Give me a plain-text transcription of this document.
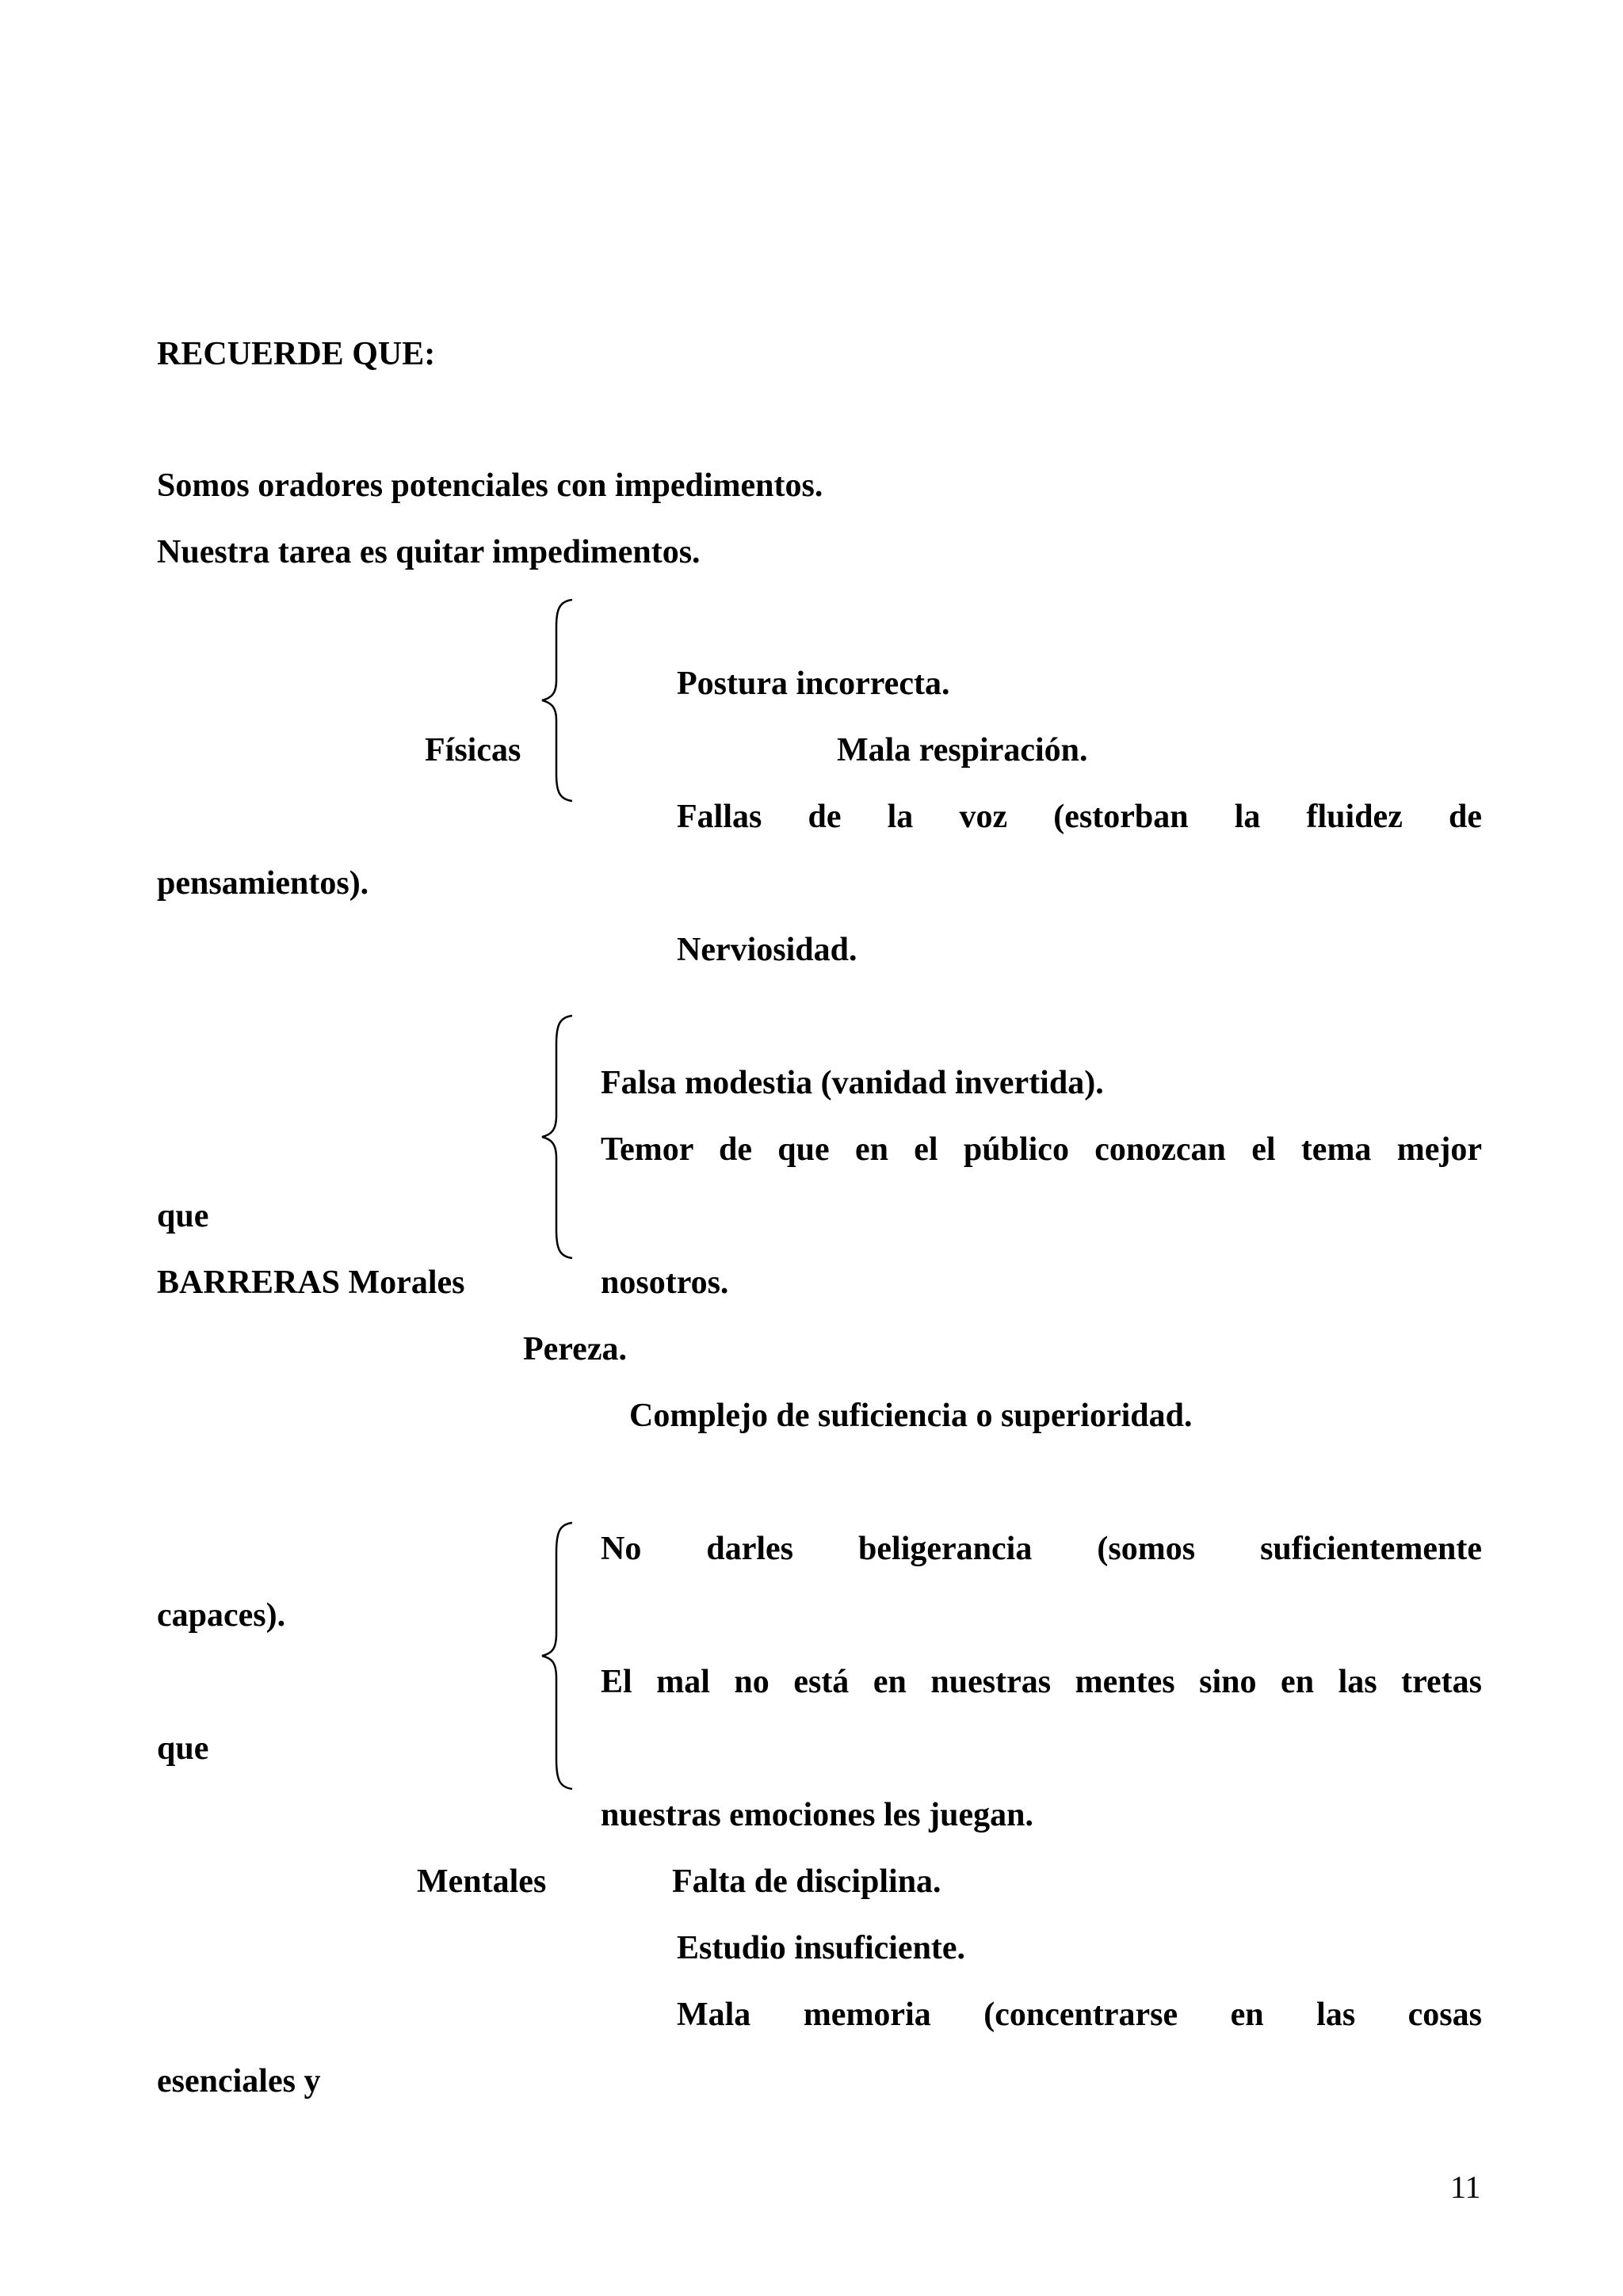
RECUERDE QUE:
Somos oradores potenciales con impedimentos.
Nuestra tarea es quitar impedimentos.
Postura incorrecta.
Físicas	Mala respiración.
Fallas de la voz (estorban la fluidez de
pensamientos).
Nerviosidad.
Falsa modestia (vanidad invertida).
Temor de que en el público conozcan el tema mejor
que
BARRERAS Morales	nosotros.
Pereza.
Complejo de suficiencia o superioridad.
No darles beligerancia (somos suficientemente
capaces).
El mal no está en nuestras mentes sino en las tretas
que
nuestras emociones les juegan.
Mentales	Falta de disciplina.
Estudio insuficiente.
Mala memoria (concentrarse en las cosas
esenciales y
11
